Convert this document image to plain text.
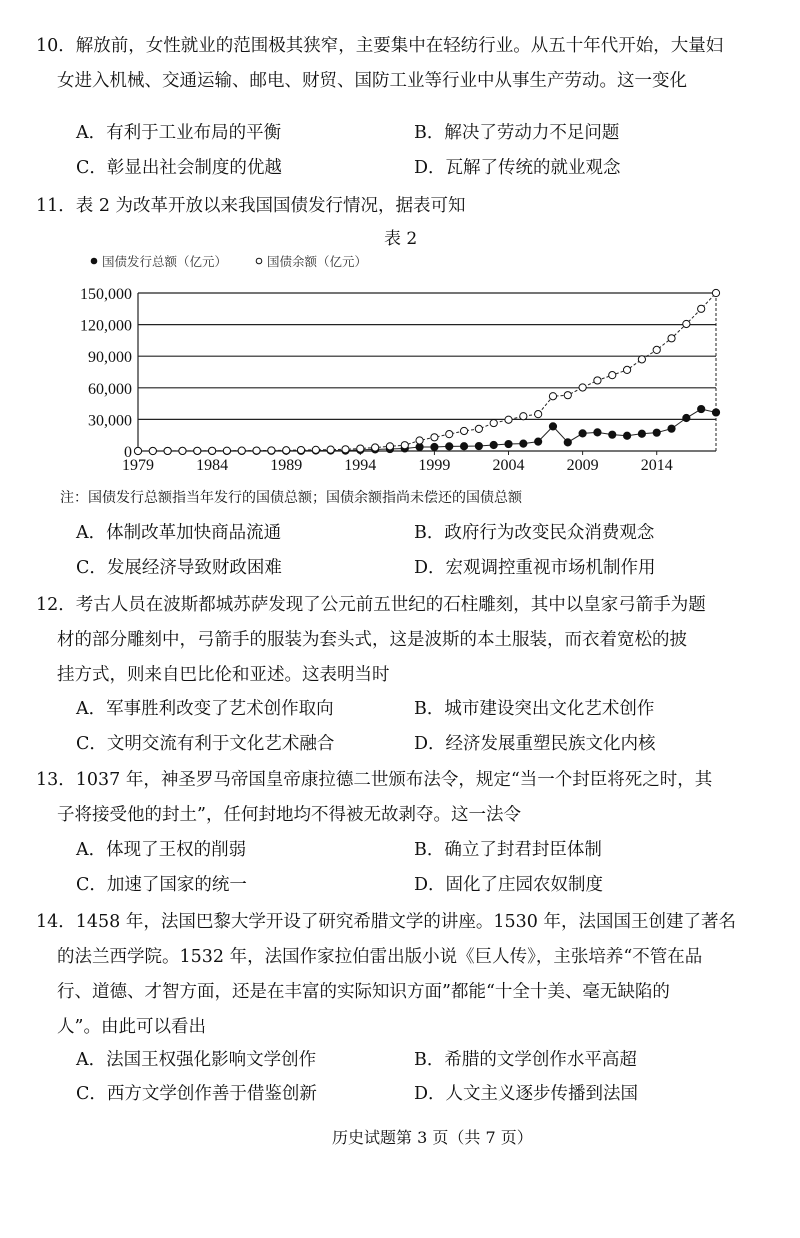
10．解放前，女性就业的范围极其狭窄，主要集中在轻纺行业。从五十年代开始，大量妇
女进入机械、交通运输、邮电、财贸、国防工业等行业中从事生产劳动。这一变化
A．有利于工业布局的平衡	B．解决了劳动力不足问题
C．彰显出社会制度的优越	D．瓦解了传统的就业观念
11．表 2 为改革开放以来我国国债发行情况，据表可知
A．体制改革加快商品流通	B．政府行为改变民众消费观念
C．发展经济导致财政困难	D．宏观调控重视市场机制作用
12．考古人员在波斯都城苏萨发现了公元前五世纪的石柱雕刻，其中以皇家弓箭手为题
材的部分雕刻中，弓箭手的服装为套头式，这是波斯的本土服装，而衣着宽松的披
挂方式，则来自巴比伦和亚述。这表明当时
A．军事胜利改变了艺术创作取向	B．城市建设突出文化艺术创作
C．文明交流有利于文化艺术融合	D．经济发展重塑民族文化内核
13．1037 年，神圣罗马帝国皇帝康拉德二世颁布法令，规定“当一个封臣将死之时，其
子将接受他的封土”，任何封地均不得被无故剥夺。这一法令
A．体现了王权的削弱	B．确立了封君封臣体制
C．加速了国家的统一	D．固化了庄园农奴制度
14．1458 年，法国巴黎大学开设了研究希腊文学的讲座。1530 年，法国国王创建了著名
的法兰西学院。1532 年，法国作家拉伯雷出版小说《巨人传》，主张培养“不管在品
行、道德、才智方面，还是在丰富的实际知识方面”都能“十全十美、毫无缺陷的
人”。由此可以看出
A．法国王权强化影响文学创作	B．希腊的文学创作水平高超
C．西方文学创作善于借鉴创新	D．人文主义逐步传播到法国
表 2
0
30,000
60,000
90,000
120,000
150,000
1979	1984	1989	1994	1999	2004	2009	2014
国债发行总额（亿元）	国债余额（亿元）
注：国债发行总额指当年发行的国债总额；国债余额指尚未偿还的国债总额
历史试题第 3 页（共 7 页）
